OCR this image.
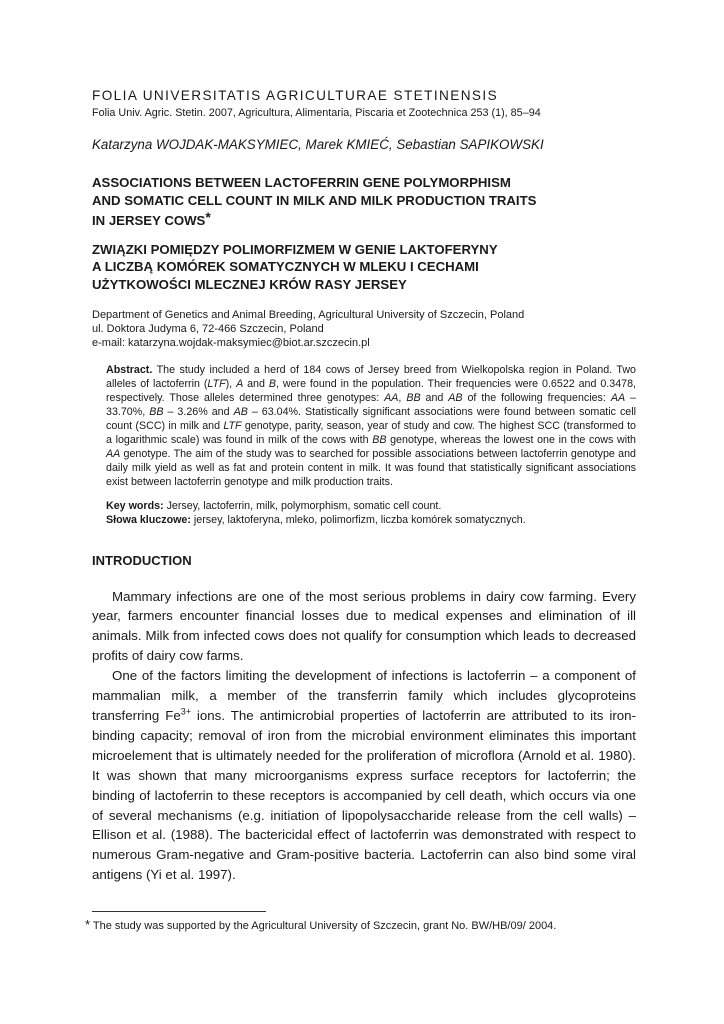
FOLIA UNIVERSITATIS AGRICULTURAE STETINENSIS
Folia Univ. Agric. Stetin. 2007, Agricultura, Alimentaria, Piscaria et Zootechnica 253 (1), 85–94
Katarzyna WOJDAK-MAKSYMIEC, Marek KMIEĆ, Sebastian SAPIKOWSKI
ASSOCIATIONS BETWEEN LACTOFERRIN GENE POLYMORPHISM
AND SOMATIC CELL COUNT IN MILK AND MILK PRODUCTION TRAITS
IN JERSEY COWS*
ZWIĄZKI POMIĘDZY POLIMORFIZMEM W GENIE LAKTOFERYNY
A LICZBĄ KOMÓREK SOMATYCZNYCH W MLEKU I CECHAMI
UŻYTKOWOŚCI MLECZNEJ KRÓW RASY JERSEY
Department of Genetics and Animal Breeding, Agricultural University of Szczecin, Poland
ul. Doktora Judyma 6, 72-466 Szczecin, Poland
e-mail: katarzyna.wojdak-maksymiec@biot.ar.szczecin.pl
Abstract. The study included a herd of 184 cows of Jersey breed from Wielkopolska region in Poland. Two alleles of lactoferrin (LTF), A and B, were found in the population. Their frequencies were 0.6522 and 0.3478, respectively. Those alleles determined three genotypes: AA, BB and AB of the following frequencies: AA – 33.70%, BB – 3.26% and AB – 63.04%. Statistically significant associations were found between somatic cell count (SCC) in milk and LTF genotype, parity, season, year of study and cow. The highest SCC (transformed to a logarithmic scale) was found in milk of the cows with BB genotype, whereas the lowest one in the cows with AA genotype. The aim of the study was to searched for possible associations between lactoferrin genotype and daily milk yield as well as fat and protein content in milk. It was found that statistically significant associations exist between lactoferrin genotype and milk production traits.
Key words: Jersey, lactoferrin, milk, polymorphism, somatic cell count.
Słowa kluczowe: jersey, laktoferyna, mleko, polimorfizm, liczba komórek somatycznych.
INTRODUCTION

Mammary infections are one of the most serious problems in dairy cow farming. Every year, farmers encounter financial losses due to medical expenses and elimination of ill animals. Milk from infected cows does not qualify for consumption which leads to decreased profits of dairy cow farms.

One of the factors limiting the development of infections is lactoferrin – a component of mammalian milk, a member of the transferrin family which includes glycoproteins transferring $Fe^{3+}$ ions. The antimicrobial properties of lactoferrin are attributed to its iron-binding capacity; removal of iron from the microbial environment eliminates this important microelement that is ultimately needed for the proliferation of microflora (Arnold et al. 1980). It was shown that many microorganisms express surface receptors for lactoferrin; the binding of lactoferrin to these receptors is accompanied by cell death, which occurs via one of several mechanisms (e.g. initiation of lipopolysaccharide release from the cell walls) – Ellison et al. (1988). The bactericidal effect of lactoferrin was demonstrated with respect to numerous Gram-negative and Gram-positive bacteria. Lactoferrin can also bind some viral antigens (Yi et al. 1997).

* The study was supported by the Agricultural University of Szczecin, grant No. BW/HB/09/ 2004.
